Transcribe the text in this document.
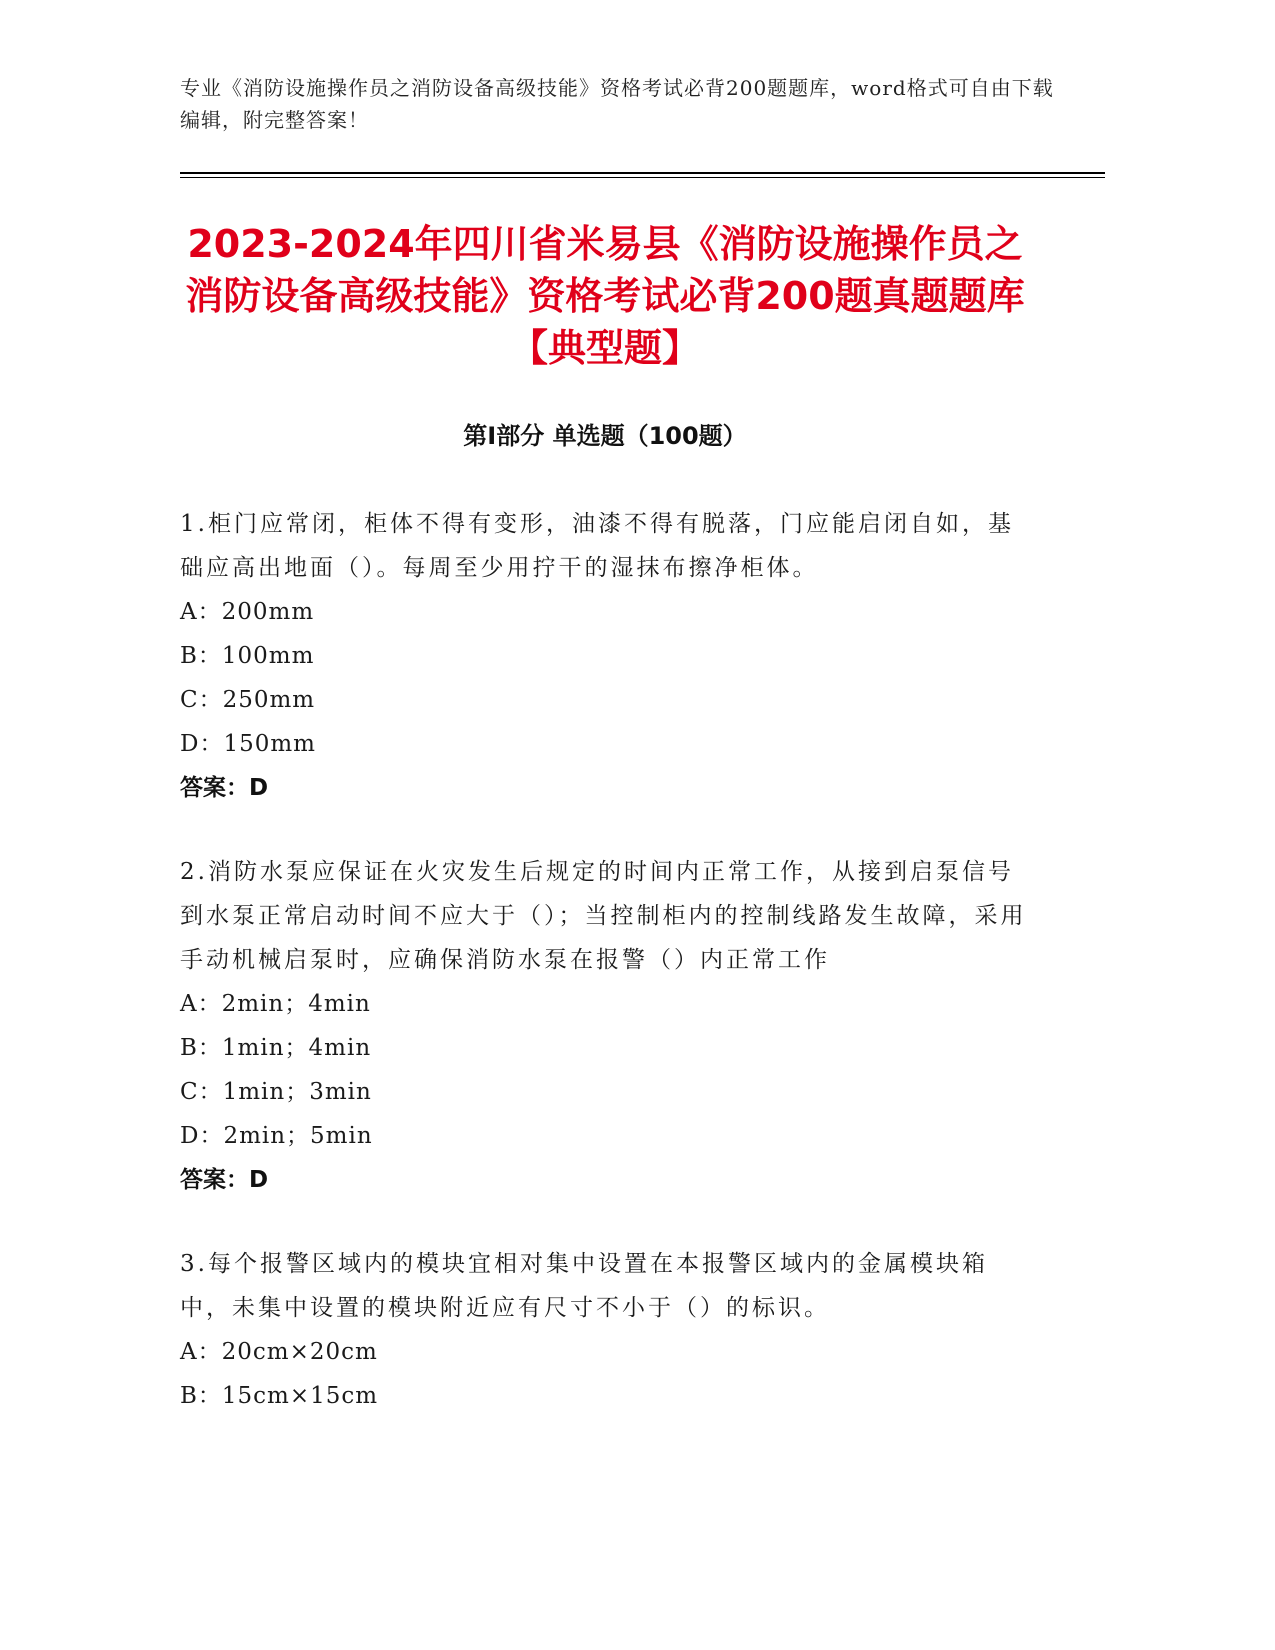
专业《消防设施操作员之消防设备高级技能》资格考试必背200题题库，word格式可自由下载编辑，附完整答案！
2023-2024年四川省米易县《消防设施操作员之消防设备高级技能》资格考试必背200题真题题库【典型题】
第I部分 单选题（100题）
1.柜门应常闭，柜体不得有变形，油漆不得有脱落，门应能启闭自如，基础应高出地面（）。每周至少用拧干的湿抹布擦净柜体。
A：200mm
B：100mm
C：250mm
D：150mm
答案：D
2.消防水泵应保证在火灾发生后规定的时间内正常工作，从接到启泵信号到水泵正常启动时间不应大于（）；当控制柜内的控制线路发生故障，采用手动机械启泵时，应确保消防水泵在报警（）内正常工作
A：2min；4min
B：1min；4min
C：1min；3min
D：2min；5min
答案：D
3.每个报警区域内的模块宜相对集中设置在本报警区域内的金属模块箱中，未集中设置的模块附近应有尺寸不小于（）的标识。
A：20cm×20cm
B：15cm×15cm
